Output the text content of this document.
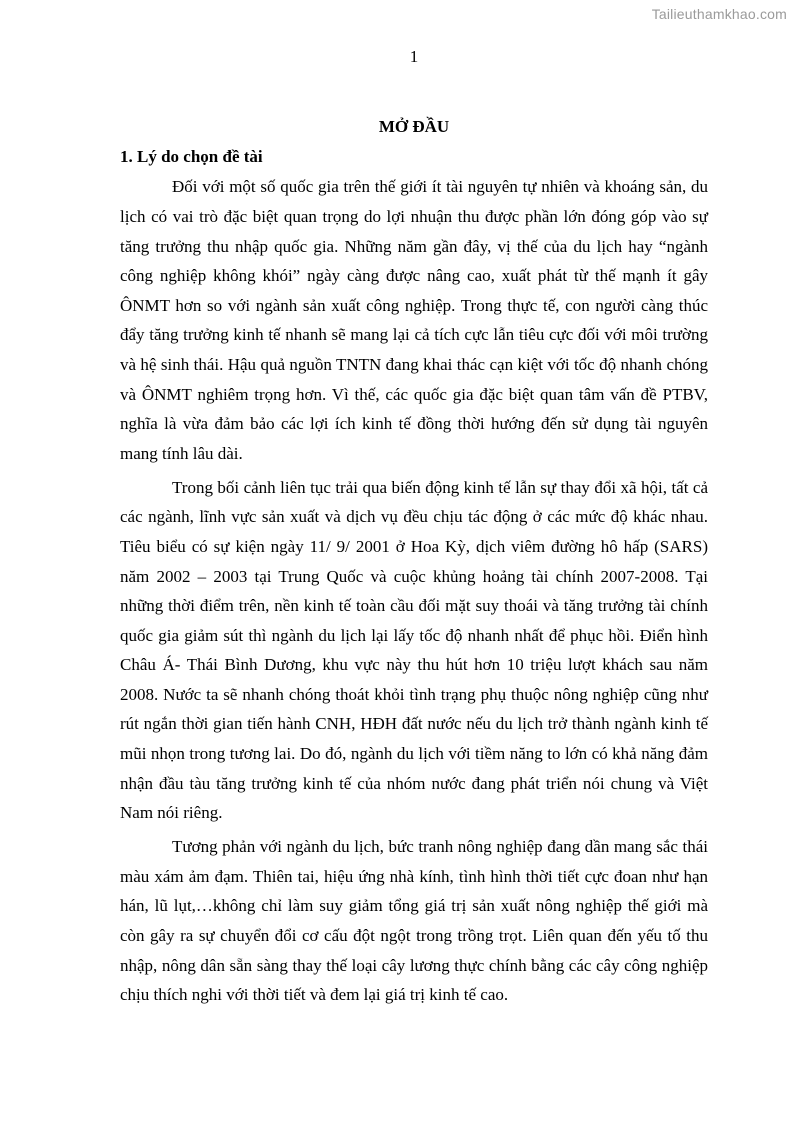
Tailieuthamkhao.com
1
MỞ ĐẦU
1. Lý do chọn đề tài

Đối với một số quốc gia trên thế giới ít tài nguyên tự nhiên và khoáng sản, du lịch có vai trò đặc biệt quan trọng do lợi nhuận thu được phần lớn đóng góp vào sự tăng trưởng thu nhập quốc gia. Những năm gần đây, vị thế của du lịch hay “ngành công nghiệp không khói” ngày càng được nâng cao, xuất phát từ thế mạnh ít gây ÔNMT hơn so với ngành sản xuất công nghiệp. Trong thực tế, con người càng thúc đẩy tăng trưởng kinh tế nhanh sẽ mang lại cả tích cực lẫn tiêu cực đối với môi trường và hệ sinh thái. Hậu quả nguồn TNTN đang khai thác cạn kiệt với tốc độ nhanh chóng và ÔNMT nghiêm trọng hơn. Vì thế, các quốc gia đặc biệt quan tâm vấn đề PTBV, nghĩa là vừa đảm bảo các lợi ích kinh tế đồng thời hướng đến sử dụng tài nguyên mang tính lâu dài.

Trong bối cảnh liên tục trải qua biến động kinh tế lẫn sự thay đổi xã hội, tất cả các ngành, lĩnh vực sản xuất và dịch vụ đều chịu tác động ở các mức độ khác nhau. Tiêu biểu có sự kiện ngày 11/ 9/ 2001 ở Hoa Kỳ, dịch viêm đường hô hấp (SARS) năm 2002 – 2003 tại Trung Quốc và cuộc khủng hoảng tài chính 2007-2008. Tại những thời điểm trên, nền kinh tế toàn cầu đối mặt suy thoái và tăng trưởng tài chính quốc gia giảm sút thì ngành du lịch lại lấy tốc độ nhanh nhất để phục hồi. Điển hình Châu Á- Thái Bình Dương, khu vực này thu hút hơn 10 triệu lượt khách sau năm 2008. Nước ta sẽ nhanh chóng thoát khỏi tình trạng phụ thuộc nông nghiệp cũng như rút ngắn thời gian tiến hành CNH, HĐH đất nước nếu du lịch trở thành ngành kinh tế mũi nhọn trong tương lai. Do đó, ngành du lịch với tiềm năng to lớn có khả năng đảm nhận đầu tàu tăng trưởng kinh tế của nhóm nước đang phát triển nói chung và Việt Nam nói riêng.

Tương phản với ngành du lịch, bức tranh nông nghiệp đang dần mang sắc thái màu xám ảm đạm. Thiên tai, hiệu ứng nhà kính, tình hình thời tiết cực đoan như hạn hán, lũ lụt,…không chỉ làm suy giảm tổng giá trị sản xuất nông nghiệp thế giới mà còn gây ra sự chuyển đổi cơ cấu đột ngột trong trồng trọt. Liên quan đến yếu tố thu nhập, nông dân sẵn sàng thay thế loại cây lương thực chính bằng các cây công nghiệp chịu thích nghi với thời tiết và đem lại giá trị kinh tế cao.
